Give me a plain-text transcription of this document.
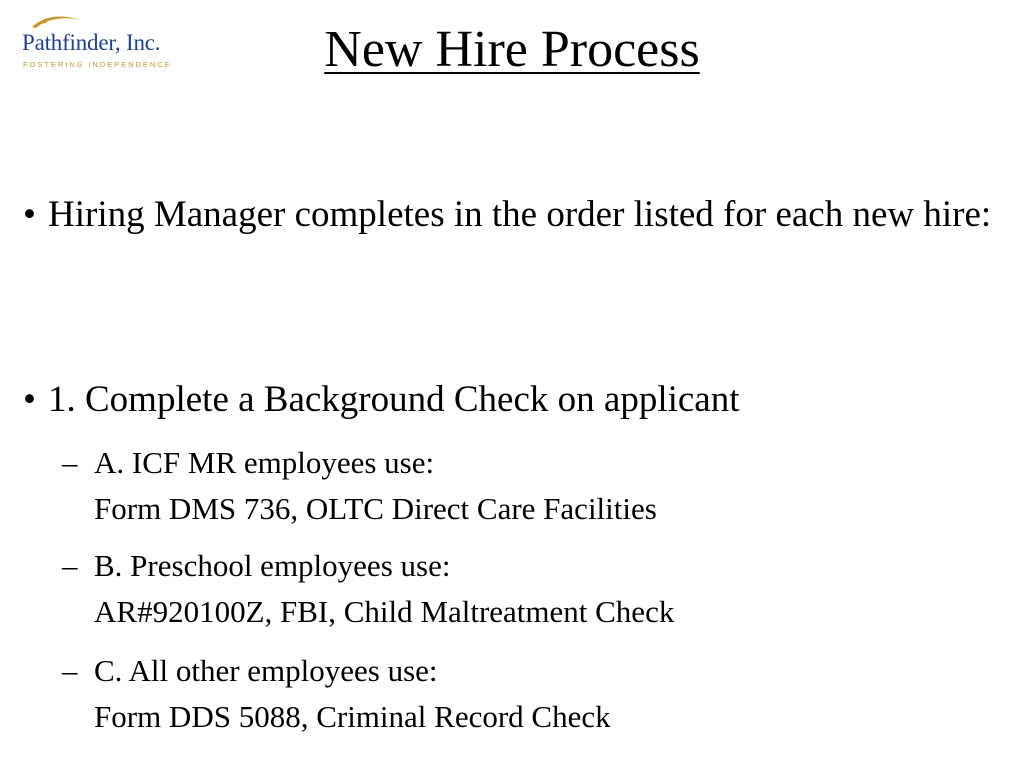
Pathfinder, Inc.
FOSTERING INDEPENDENCE	New Hire Process
• Hiring Manager completes in the order listed for each new hire:
• 1. Complete a Background Check on applicant
– A. ICF MR employees use:
Form DMS 736, OLTC Direct Care Facilities
– B. Preschool employees use:
AR#920100Z, FBI, Child Maltreatment Check
– C. All other employees use:
Form DDS 5088, Criminal Record Check
